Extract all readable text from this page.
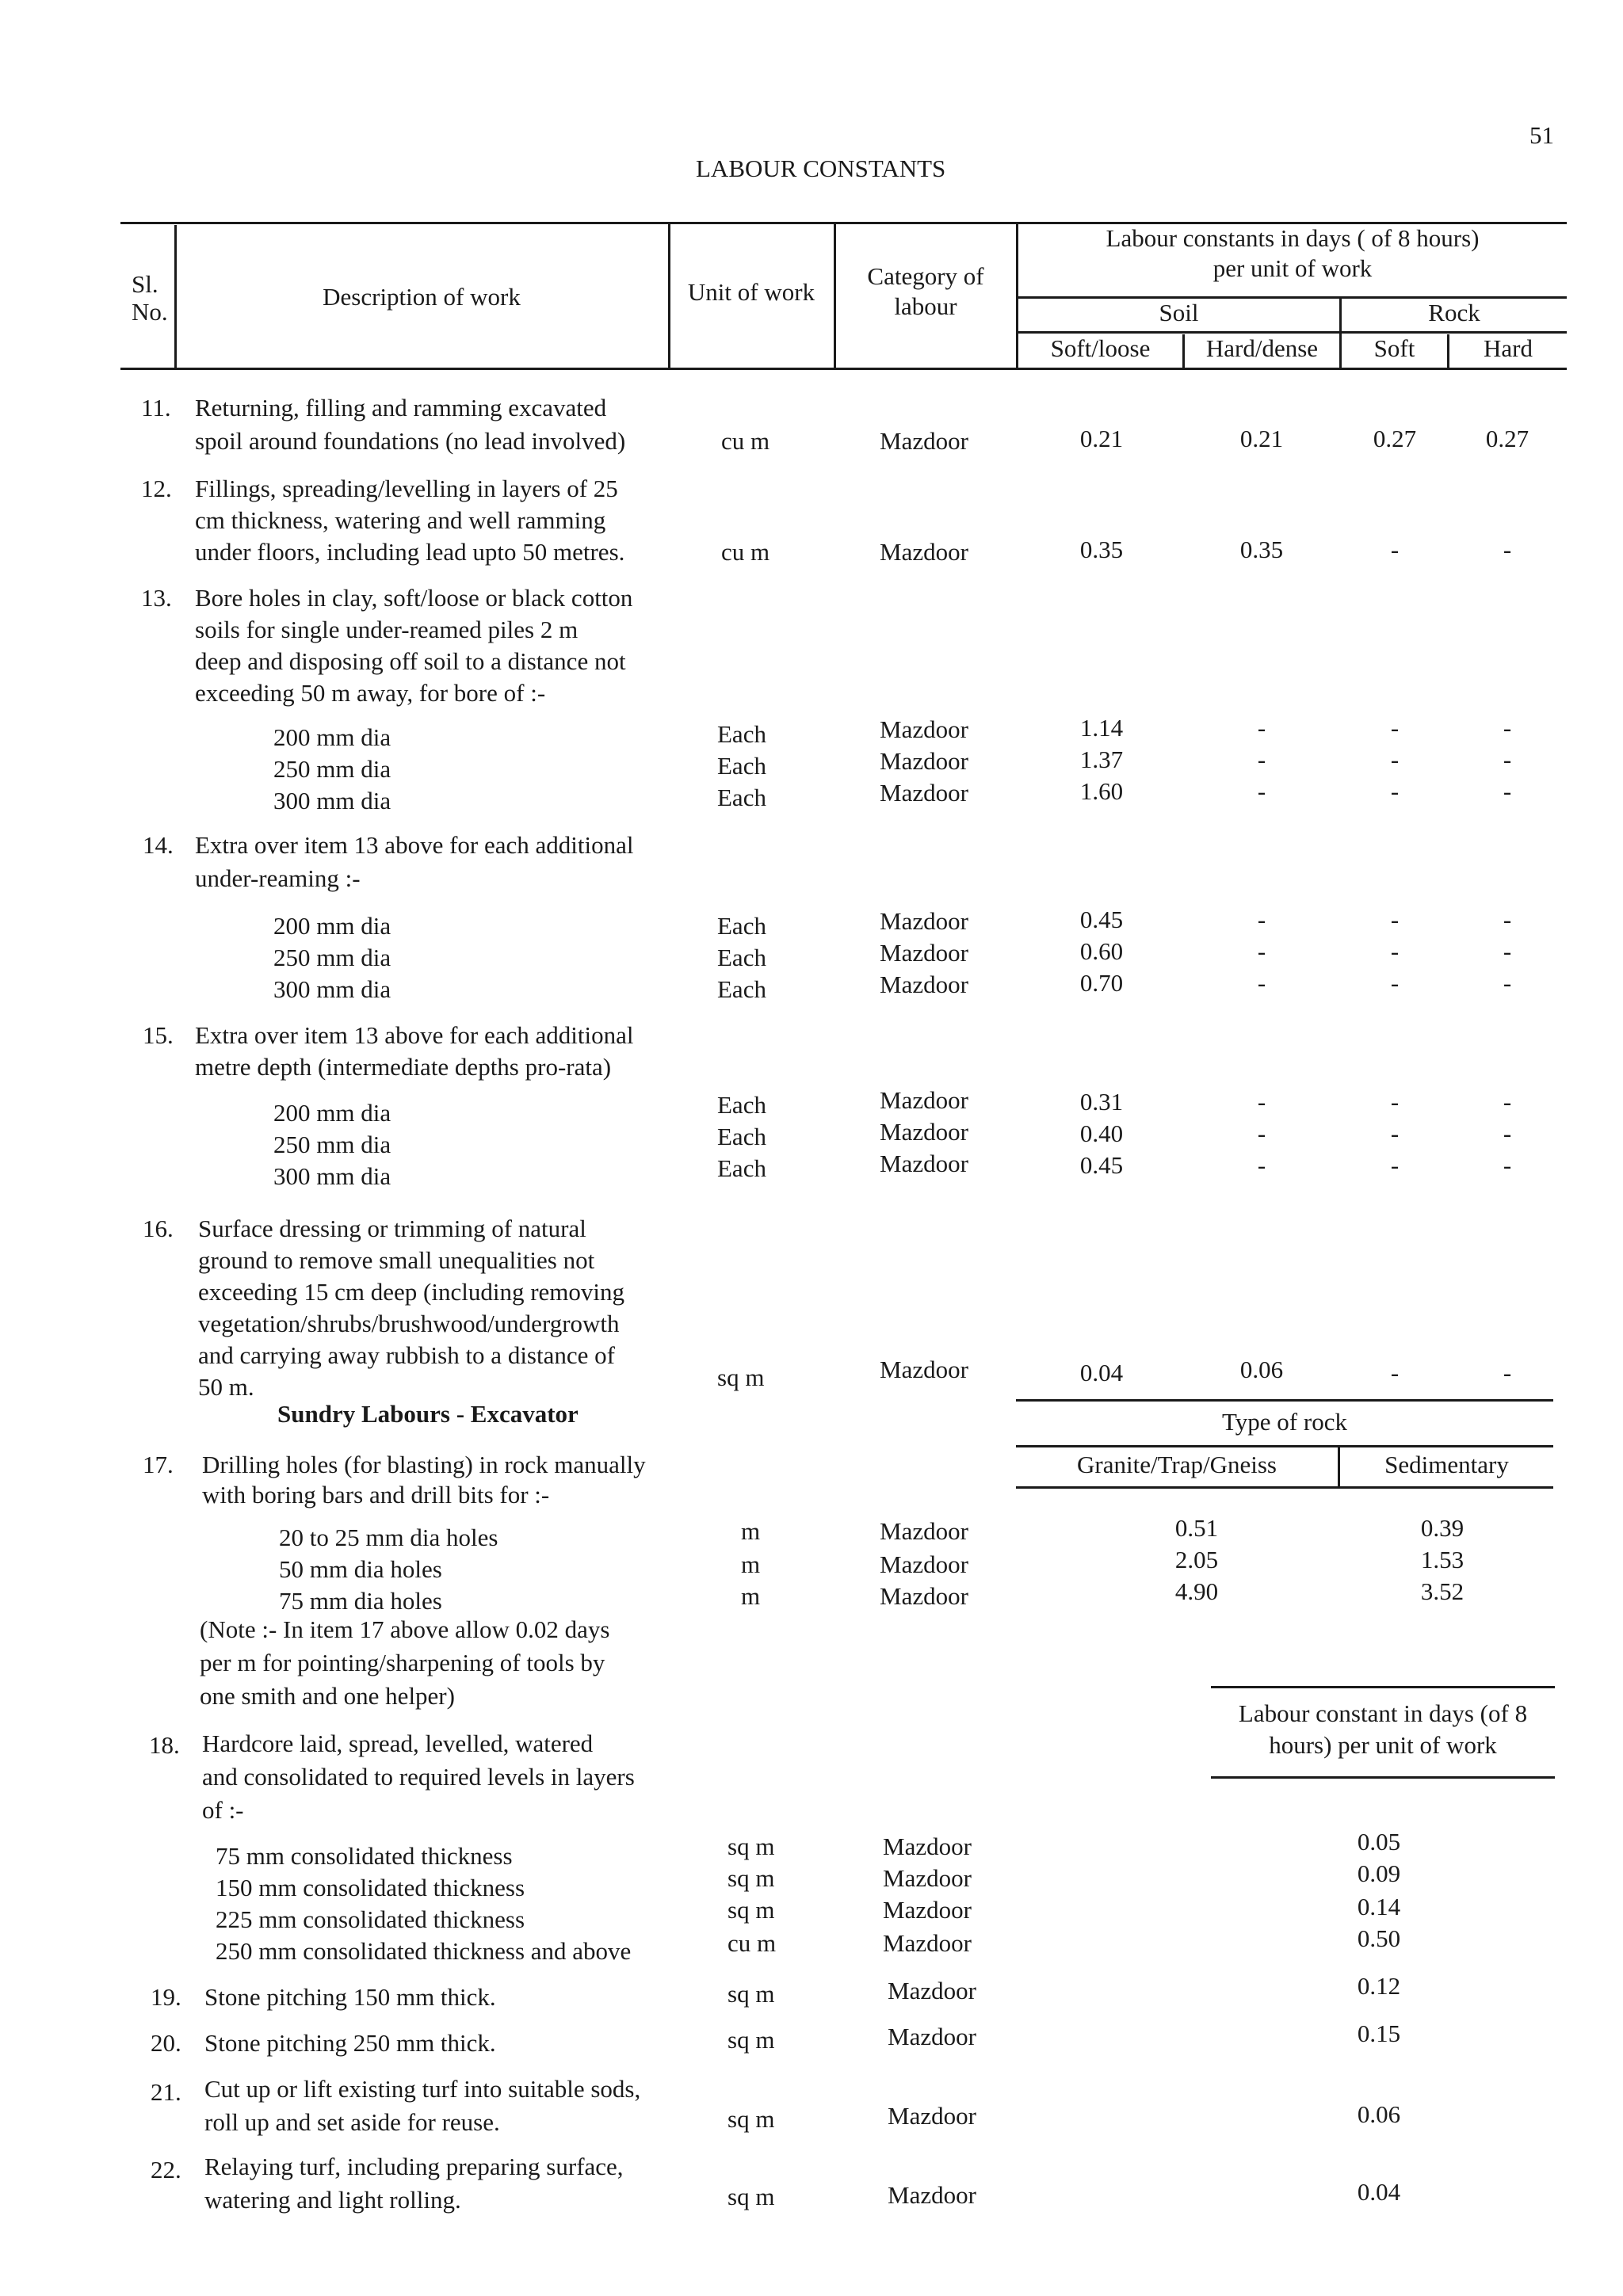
51
LABOUR CONSTANTS
Sl.
No.
Description of work	Unit of work
Category of
labour
Labour constants in days ( of 8 hours)
per unit of work
Soil	Rock
Soft/loose	Hard/dense	Soft	Hard
11. Returning, filling and ramming excavated
spoil around foundations (no lead involved)	cu m	Mazdoor	0.21	0.21	0.27	0.27
12. Fillings, spreading/levelling in layers of 25
cm thickness, watering and well ramming
under floors, including lead upto 50 metres.	cu m	Mazdoor	0.35	0.35	-	-
13. Bore holes in clay, soft/loose or black cotton
soils for single under-reamed piles 2 m
deep and disposing off soil to a distance not
exceeding 50 m away, for bore of :-
200 mm dia	Each	Mazdoor	1.14	-	-	-
250 mm dia	Each	Mazdoor	1.37	-	-	-
300 mm dia	Each	Mazdoor	1.60	-	-	-
14. Extra over item 13 above for each additional
under-reaming :-
200 mm dia	Each	Mazdoor	0.45	-	-	-
250 mm dia	Each	Mazdoor	0.60	-	-	-
300 mm dia	Each	Mazdoor	0.70	-	-	-
15. Extra over item 13 above for each additional
metre depth (intermediate depths pro-rata)
200 mm dia	Each	Mazdoor	0.31	-	-	-
250 mm dia	Each	Mazdoor	0.40	-	-	-
300 mm dia	Each	Mazdoor	0.45	-	-	-
16. Surface dressing or trimming of natural
ground to remove small unequalities not
exceeding 15 cm deep (including removing
vegetation/shrubs/brushwood/undergrowth
and carrying away rubbish to a distance of
50 m.	sq m	Mazdoor	0.04	0.06	-	-
Sundry Labours - Excavator	Type of rock
Granite/Trap/Gneiss	Sedimentary
17. Drilling holes (for blasting) in rock manually
with boring bars and drill bits for :-
20 to 25 mm dia holes	m	Mazdoor	0.51	0.39
50 mm dia holes	m	Mazdoor	2.05	1.53
75 mm dia holes	m	Mazdoor	4.90	3.52
(Note :- In item 17 above allow 0.02 days
per m for pointing/sharpening of tools by
one smith and one helper)
Labour constant in days (of 8
hours) per unit of work
18. Hardcore laid, spread, levelled, watered
and consolidated to required levels in layers
of :-
75 mm consolidated thickness	sq m	Mazdoor	0.05
150 mm consolidated thickness	sq m	Mazdoor	0.09
225 mm consolidated thickness	sq m	Mazdoor	0.14
250 mm consolidated thickness and above	cu m	Mazdoor	0.50
19. Stone pitching 150 mm thick.	sq m	Mazdoor	0.12
20. Stone pitching 250 mm thick.	sq m	Mazdoor	0.15
21. Cut up or lift existing turf into suitable sods,
roll up and set aside for reuse.	sq m	Mazdoor	0.06
22. Relaying turf, including preparing surface,
watering and light rolling.	sq m	Mazdoor	0.04
